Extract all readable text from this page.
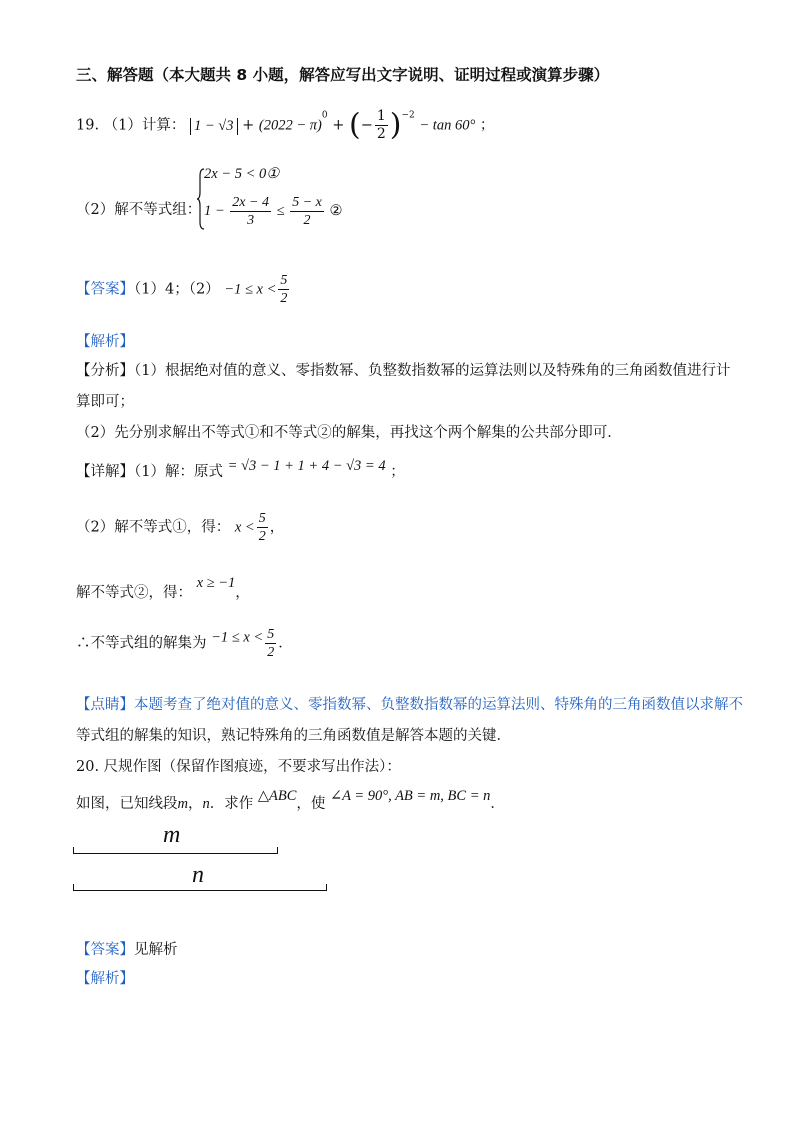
三、解答题（本大题共 8 小题，解答应写出文字说明、证明过程或演算步骤）
19. （1）计算： $1 - √3 + (2022 - \pi)^0$ + (− $\frac{1}{2} )^{-2} - \tan 60^\circ$ ；
（2）解不等式组：
2x − 5 < 0①
$1 - \frac{2x - 4}{3} \le \frac{5 - x}{2}$ ②
【答案】（1）4；$(2) -1 \le x < \frac{5}{2}$
【解析】
【分析】（1）根据绝对值的意义、零指数幂、负整数指数幂的运算法则以及特殊角的三角函数值进行计
算即可；
（2）先分别求解出不等式①和不等式②的解集，再找这个两个解集的公共部分即可．
【详解】（1）解：原式 = √3 − 1 + 1 + 4 − √3 = 4 ；
（2）解不等式①，得： $x < \frac{5}{2}$ ，
解不等式②，得： x ≥ −1，
∴不等式组的解集为 $-1 \le x < \frac{5}{2}$ ．
【点睛】本题考查了绝对值的意义、零指数幂、负整数指数幂的运算法则、特殊角的三角函数值以求解不
等式组的解集的知识，熟记特殊角的三角函数值是解答本题的关键．
20. 尺规作图（保留作图痕迹，不要求写出作法）：
如图，已知线段m，n．求作 △ABC，使 ∠A = 90°, AB = m, BC = n．
m
n
【答案】见解析
【解析】
